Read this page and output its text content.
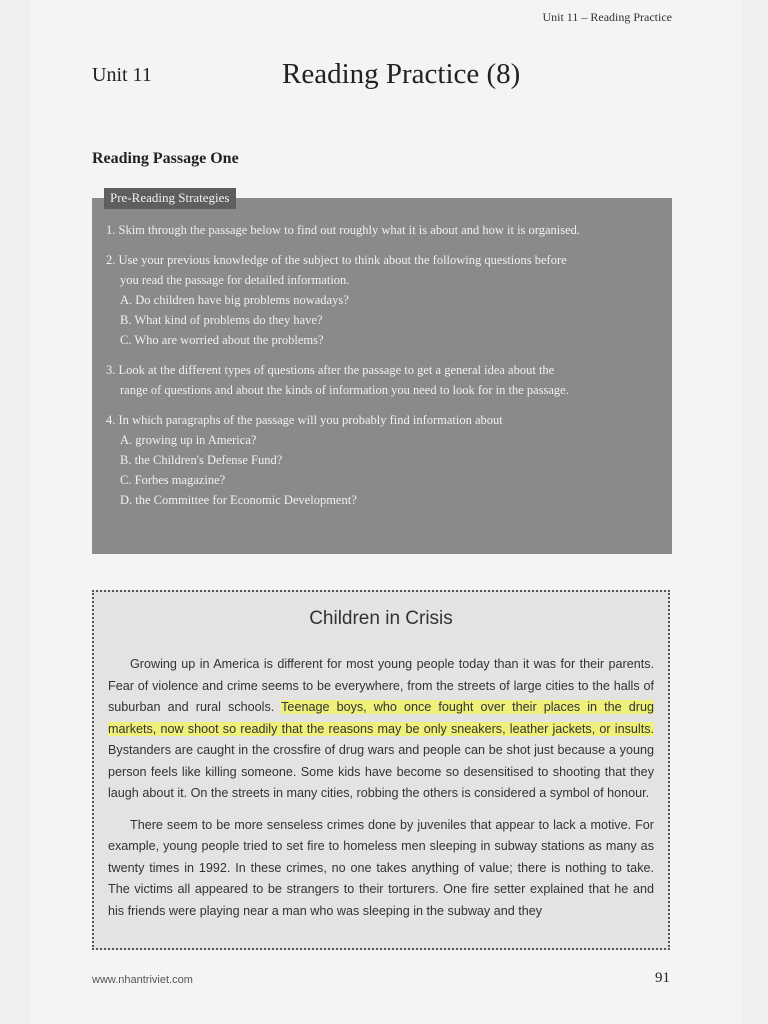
Unit 11 – Reading Practice
Unit 11	Reading Practice (8)
Reading Passage One
Pre-Reading Strategies
1. Skim through the passage below to find out roughly what it is about and how it is organised.
2. Use your previous knowledge of the subject to think about the following questions before
you read the passage for detailed information.
A. Do children have big problems nowadays?
B. What kind of problems do they have?
C. Who are worried about the problems?
3. Look at the different types of questions after the passage to get a general idea about the
range of questions and about the kinds of information you need to look for in the passage.
4. In which paragraphs of the passage will you probably find information about
A. growing up in America?
B. the Children's Defense Fund?
C. Forbes magazine?
D. the Committee for Economic Development?
Children in Crisis

Growing up in America is different for most young people today than it was for their parents. Fear of violence and crime seems to be everywhere, from the streets of large cities to the halls of suburban and rural schools. Teenage boys, who once fought over their places in the drug markets, now shoot so readily that the reasons may be only sneakers, leather jackets, or insults. Bystanders are caught in the crossfire of drug wars and people can be shot just because a young person feels like killing someone. Some kids have become so desensitised to shooting that they laugh about it. On the streets in many cities, robbing the others is considered a symbol of honour.

There seem to be more senseless crimes done by juveniles that appear to lack a motive. For example, young people tried to set fire to homeless men sleeping in subway stations as many as twenty times in 1992. In these crimes, no one takes anything of value; there is nothing to take. The victims all appeared to be strangers to their torturers. One fire setter explained that he and his friends were playing near a man who was sleeping in the subway and they

www.nhantriviet.com	91
